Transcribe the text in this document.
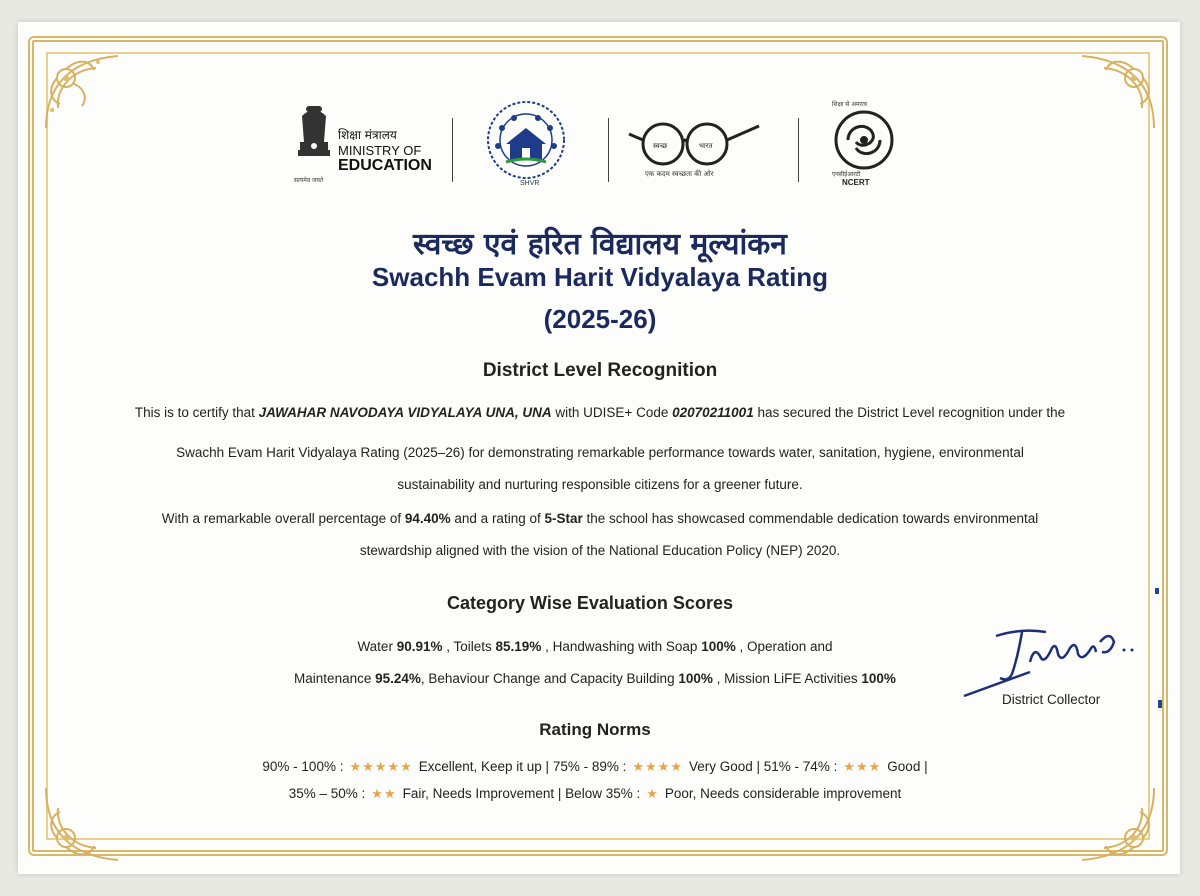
सत्यमेव जयते
शिक्षा मंत्रालय
MINISTRY OF
EDUCATION
SHVR
स्वच्छ	भारत
एक कदम स्वच्छता की ओर
शिक्षा से अमरत्व
एनसीईआरटी
NCERT
स्वच्छ एवं हरित विद्यालय मूल्यांकन
Swachh Evam Harit Vidyalaya Rating
(2025-26)
District Level Recognition
This is to certify that JAWAHAR NAVODAYA VIDYALAYA UNA, UNA with UDISE+ Code 02070211001 has secured the District Level recognition under the
Swachh Evam Harit Vidyalaya Rating (2025–26) for demonstrating remarkable performance towards water, sanitation, hygiene, environmental
sustainability and nurturing responsible citizens for a greener future.
With a remarkable overall percentage of 94.40% and a rating of 5-Star the school has showcased commendable dedication towards environmental
stewardship aligned with the vision of the National Education Policy (NEP) 2020.
Category Wise Evaluation Scores
Water 90.91% , Toilets 85.19% , Handwashing with Soap 100% , Operation and
Maintenance 95.24%, Behaviour Change and Capacity Building 100% , Mission LiFE Activities 100%
District Collector
Rating Norms
90% - 100% : ★★★★★ Excellent, Keep it up | 75% - 89% : ★★★★ Very Good | 51% - 74% : ★★★ Good |
35% – 50% : ★★ Fair, Needs Improvement | Below 35% : ★ Poor, Needs considerable improvement
